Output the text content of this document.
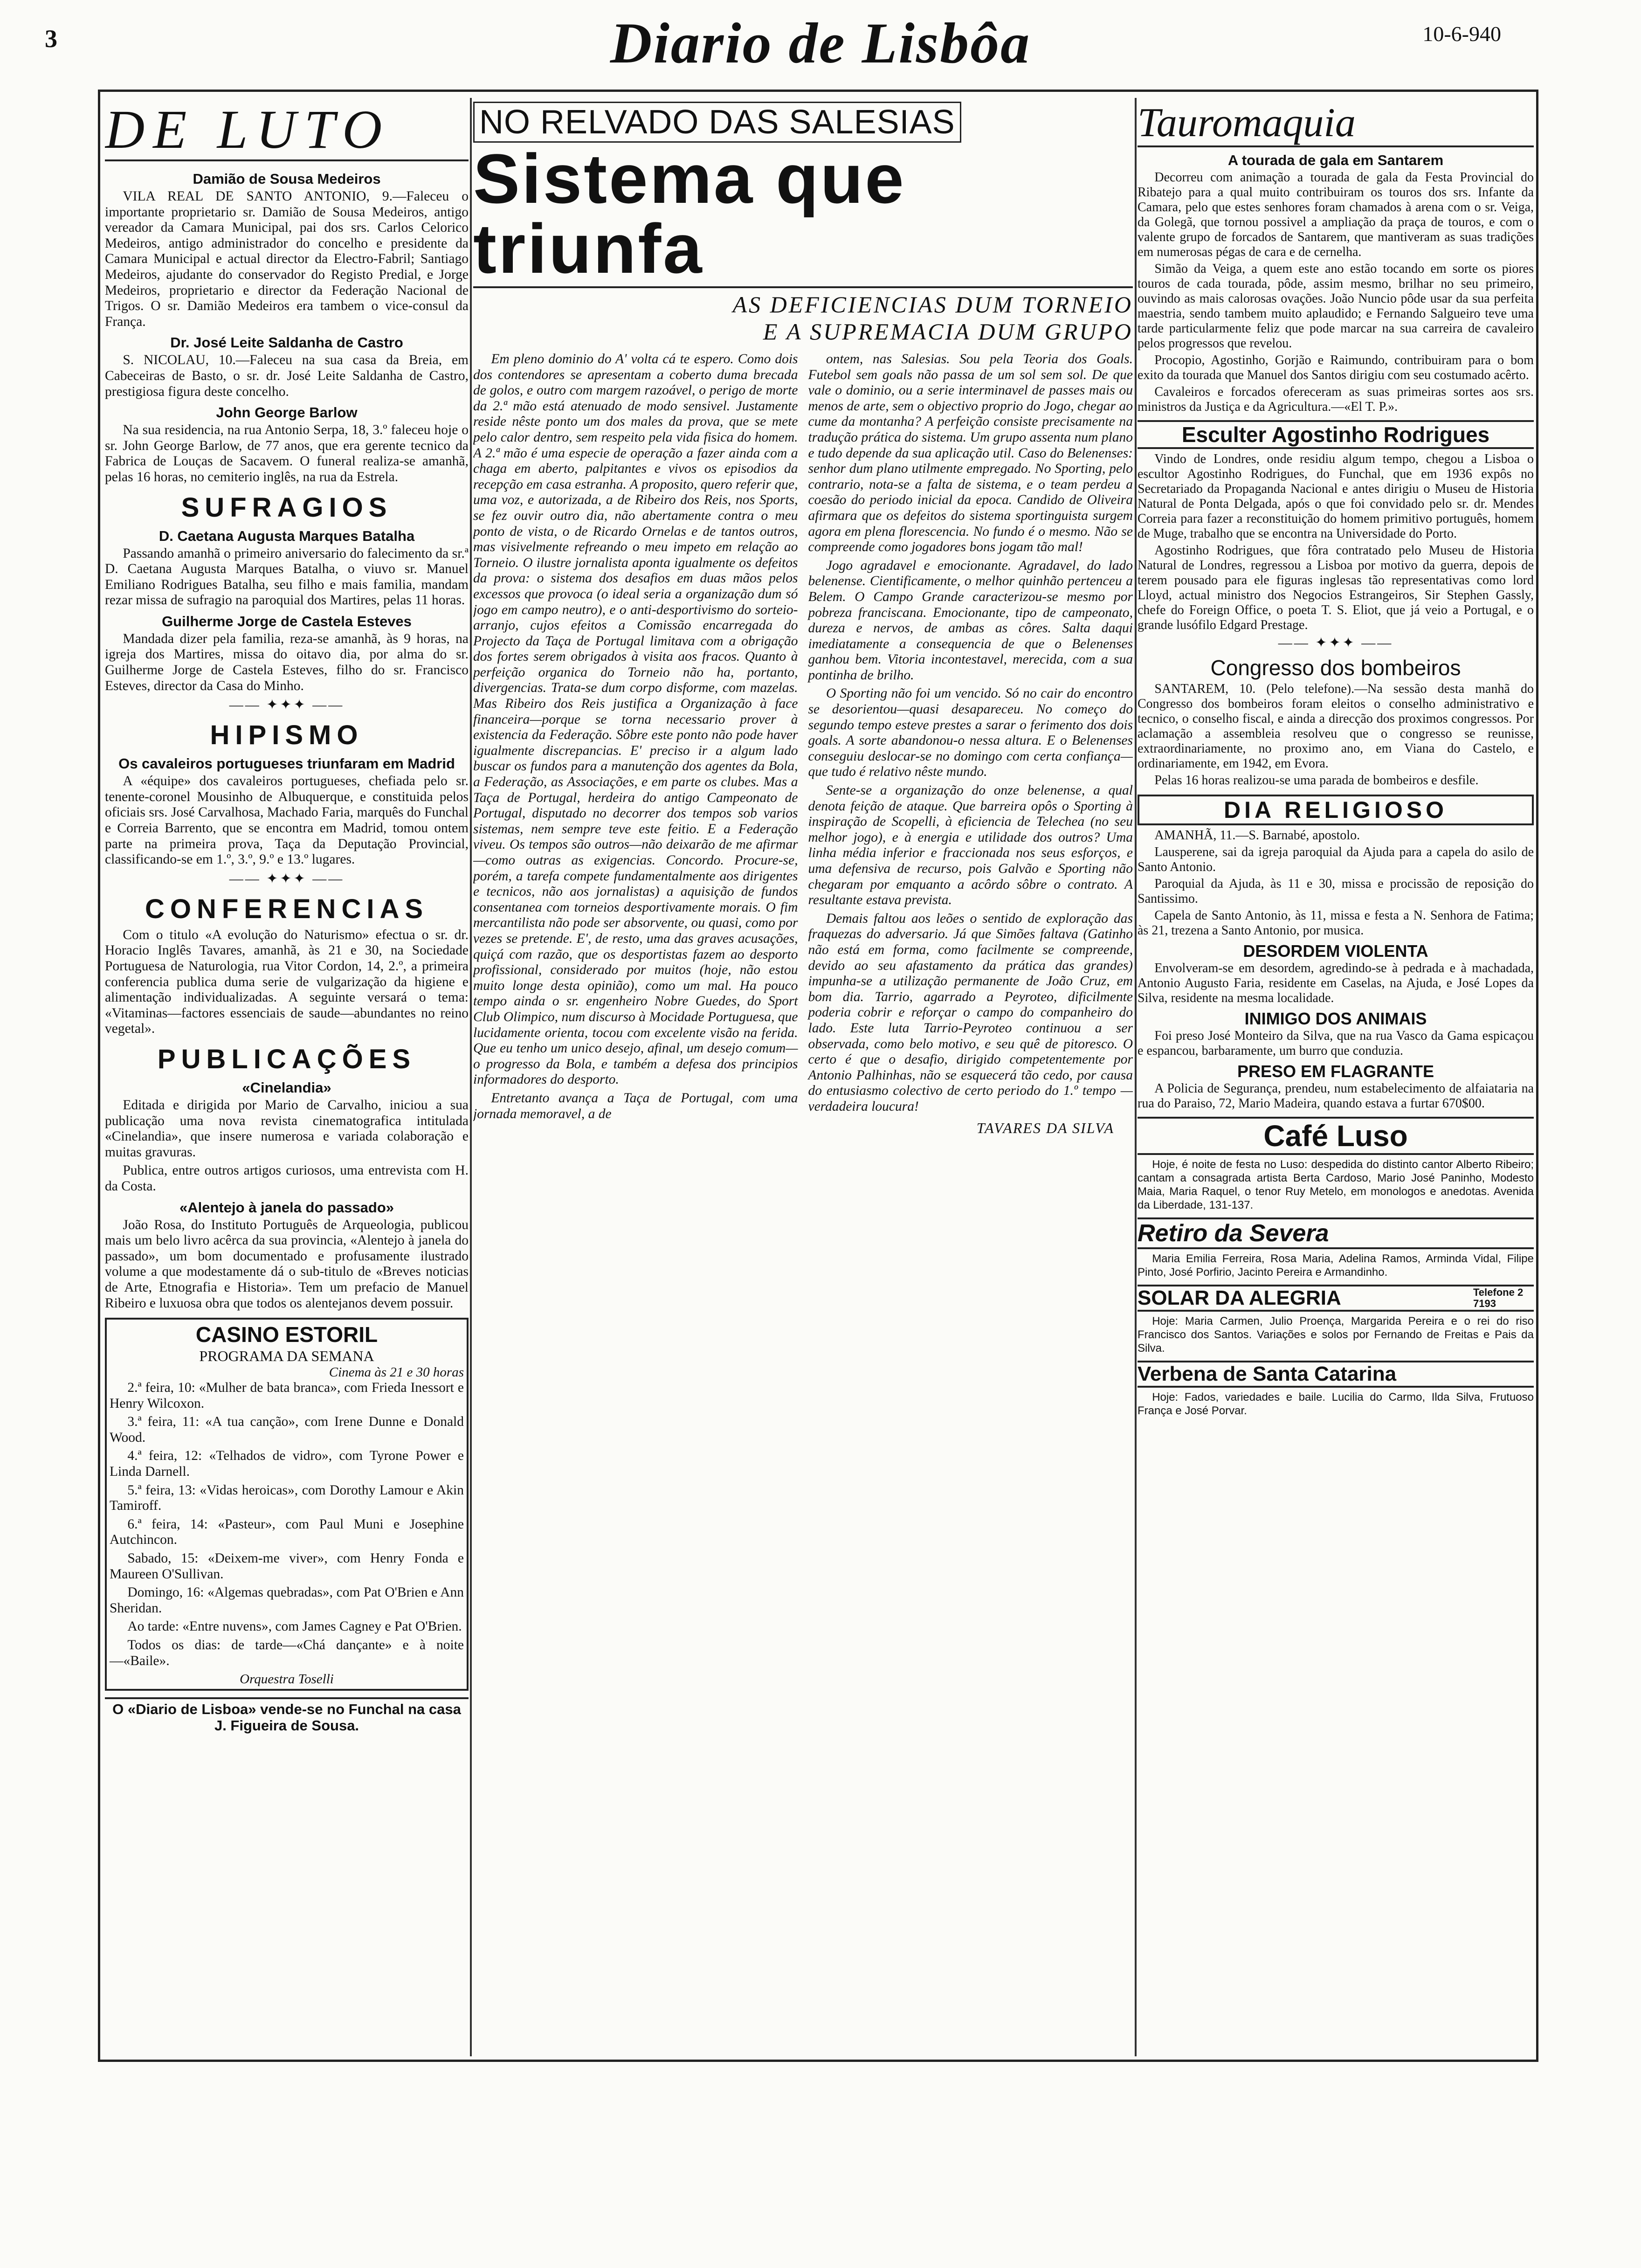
3	Diario de Lisbôa	10-6-940
DE LUTO
Damião de Sousa Medeiros

VILA REAL DE SANTO ANTONIO, 9.—Faleceu o importante proprietario sr. Damião de Sousa Medeiros, antigo vereador da Camara Municipal, pai dos srs. Carlos Celorico Medeiros, antigo administrador do concelho e presidente da Camara Municipal e actual director da Electro-Fabril; Santiago Medeiros, ajudante do conservador do Registo Predial, e Jorge Medeiros, proprietario e director da Federação Nacional de Trigos. O sr. Damião Medeiros era tambem o vice-consul da França.

Dr. José Leite Saldanha de Castro

S. NICOLAU, 10.—Faleceu na sua casa da Breia, em Cabeceiras de Basto, o sr. dr. José Leite Saldanha de Castro, prestigiosa figura deste concelho.

John George Barlow

Na sua residencia, na rua Antonio Serpa, 18, 3.º faleceu hoje o sr. John George Barlow, de 77 anos, que era gerente tecnico da Fabrica de Louças de Sacavem. O funeral realiza-se amanhã, pelas 16 horas, no cemiterio inglês, na rua da Estrela.

SUFRAGIOS
D. Caetana Augusta Marques Batalha

Passando amanhã o primeiro aniversario do falecimento da sr.ª D. Caetana Augusta Marques Batalha, o viuvo sr. Manuel Emiliano Rodrigues Batalha, seu filho e mais familia, mandam rezar missa de sufragio na paroquial dos Martires, pelas 11 horas.

Guilherme Jorge de Castela Esteves

Mandada dizer pela familia, reza-se amanhã, às 9 horas, na igreja dos Martires, missa do oitavo dia, por alma do sr. Guilherme Jorge de Castela Esteves, filho do sr. Francisco Esteves, director da Casa do Minho.

—— ✦✦✦ ——
HIPISMO
Os cavaleiros portugueses triunfaram em Madrid

A «équipe» dos cavaleiros portugueses, chefiada pelo sr. tenente-coronel Mousinho de Albuquerque, e constituida pelos oficiais srs. José Carvalhosa, Machado Faria, marquês do Funchal e Correia Barrento, que se encontra em Madrid, tomou ontem parte na primeira prova, Taça da Deputação Provincial, classificando-se em 1.º, 3.º, 9.º e 13.º lugares.

—— ✦✦✦ ——
CONFERENCIAS

Com o titulo «A evolução do Naturismo» efectua o sr. dr. Horacio Inglês Tavares, amanhã, às 21 e 30, na Sociedade Portuguesa de Naturologia, rua Vitor Cordon, 14, 2.º, a primeira conferencia publica duma serie de vulgarização da higiene e alimentação individualizadas. A seguinte versará o tema: «Vitaminas—factores essenciais de saude—abundantes no reino vegetal».

PUBLICAÇÕES
«Cinelandia»

Editada e dirigida por Mario de Carvalho, iniciou a sua publicação uma nova revista cinematografica intitulada «Cinelandia», que insere numerosa e variada colaboração e muitas gravuras.

Publica, entre outros artigos curiosos, uma entrevista com H. da Costa.

«Alentejo à janela do passado»

João Rosa, do Instituto Português de Arqueologia, publicou mais um belo livro acêrca da sua provincia, «Alentejo à janela do passado», um bom documentado e profusamente ilustrado volume a que modestamente dá o sub-titulo de «Breves noticias de Arte, Etnografia e Historia». Tem um prefacio de Manuel Ribeiro e luxuosa obra que todos os alentejanos devem possuir.

CASINO ESTORIL
PROGRAMA DA SEMANA
Cinema às 21 e 30 horas

2.ª feira, 10: «Mulher de bata branca», com Frieda Inessort e Henry Wilcoxon.

3.ª feira, 11: «A tua canção», com Irene Dunne e Donald Wood.

4.ª feira, 12: «Telhados de vidro», com Tyrone Power e Linda Darnell.

5.ª feira, 13: «Vidas heroicas», com Dorothy Lamour e Akin Tamiroff.

6.ª feira, 14: «Pasteur», com Paul Muni e Josephine Autchincon.

Sabado, 15: «Deixem-me viver», com Henry Fonda e Maureen O'Sullivan.

Domingo, 16: «Algemas quebradas», com Pat O'Brien e Ann Sheridan.

Ao tarde: «Entre nuvens», com James Cagney e Pat O'Brien.

Todos os dias: de tarde—«Chá dançante» e à noite—«Baile».

Orquestra Toselli
O «Diario de Lisboa» vende-se no Funchal na casa J. Figueira de Sousa.
NO RELVADO DAS SALESIAS
Sistema que triunfa
AS DEFICIENCIAS DUM TORNEIO
E A SUPREMACIA DUM GRUPO

Em pleno dominio do A' volta cá te espero. Como dois dos contendores se apresentam a coberto duma brecada de golos, e outro com margem razoável, o perigo de morte da 2.ª mão está atenuado de modo sensivel. Justamente reside nêste ponto um dos males da prova, que se mete pelo calor dentro, sem respeito pela vida fisica do homem. A 2.ª mão é uma especie de operação a fazer ainda com a chaga em aberto, palpitantes e vivos os episodios da recepção em casa estranha. A proposito, quero referir que, uma voz, e autorizada, a de Ribeiro dos Reis, nos Sports, se fez ouvir outro dia, não abertamente contra o meu ponto de vista, o de Ricardo Ornelas e de tantos outros, mas visivelmente refreando o meu impeto em relação ao Torneio. O ilustre jornalista aponta igualmente os defeitos da prova: o sistema dos desafios em duas mãos pelos excessos que provoca (o ideal seria a organização dum só jogo em campo neutro), e o anti-desportivismo do sorteio-arranjo, cujos efeitos a Comissão encarregada do Projecto da Taça de Portugal limitava com a obrigação dos fortes serem obrigados à visita aos fracos. Quanto à perfeição organica do Torneio não ha, portanto, divergencias. Trata-se dum corpo disforme, com mazelas. Mas Ribeiro dos Reis justifica a Organização à face financeira—porque se torna necessario prover à existencia da Federação. Sôbre este ponto não pode haver igualmente discrepancias. E' preciso ir a algum lado buscar os fundos para a manutenção dos agentes da Bola, a Federação, as Associações, e em parte os clubes. Mas a Taça de Portugal, herdeira do antigo Campeonato de Portugal, disputado no decorrer dos tempos sob varios sistemas, nem sempre teve este feitio. E a Federação viveu. Os tempos são outros—não deixarão de me afirmar—como outras as exigencias. Concordo. Procure-se, porém, a tarefa compete fundamentalmente aos dirigentes e tecnicos, não aos jornalistas) a aquisição de fundos consentanea com torneios desportivamente morais. O fim mercantilista não pode ser absorvente, ou quasi, como por vezes se pretende. E', de resto, uma das graves acusações, quiçá com razão, que os desportistas fazem ao desporto profissional, considerado por muitos (hoje, não estou muito longe desta opinião), como um mal. Ha pouco tempo ainda o sr. engenheiro Nobre Guedes, do Sport Club Olimpico, num discurso à Mocidade Portuguesa, que lucidamente orienta, tocou com excelente visão na ferida. Que eu tenho um unico desejo, afinal, um desejo comum—o progresso da Bola, e também a defesa dos principios informadores do desporto.

Entretanto avança a Taça de Portugal, com uma jornada memoravel, a de

ontem, nas Salesias. Sou pela Teoria dos Goals. Futebol sem goals não passa de um sol sem sol. De que vale o dominio, ou a serie interminavel de passes mais ou menos de arte, sem o objectivo proprio do Jogo, chegar ao cume da montanha? A perfeição consiste precisamente na tradução prática do sistema. Um grupo assenta num plano e tudo depende da sua aplicação util. Caso do Belenenses: senhor dum plano utilmente empregado. No Sporting, pelo contrario, nota-se a falta de sistema, e o team perdeu a coesão do periodo inicial da epoca. Candido de Oliveira afirmara que os defeitos do sistema sportinguista surgem agora em plena florescencia. No fundo é o mesmo. Não se compreende como jogadores bons jogam tão mal!

Jogo agradavel e emocionante. Agradavel, do lado belenense. Cientificamente, o melhor quinhão pertenceu a Belem. O Campo Grande caracterizou-se mesmo por pobreza franciscana. Emocionante, tipo de campeonato, dureza e nervos, de ambas as côres. Salta daqui imediatamente a consequencia de que o Belenenses ganhou bem. Vitoria incontestavel, merecida, com a sua pontinha de brilho.

O Sporting não foi um vencido. Só no cair do encontro se desorientou—quasi desapareceu. No começo do segundo tempo esteve prestes a sarar o ferimento dos dois goals. A sorte abandonou-o nessa altura. E o Belenenses conseguiu deslocar-se no domingo com certa confiança—que tudo é relativo nêste mundo.

Sente-se a organização do onze belenense, a qual denota feição de ataque. Que barreira opôs o Sporting à inspiração de Scopelli, à eficiencia de Telechea (no seu melhor jogo), e à energia e utilidade dos outros? Uma linha média inferior e fraccionada nos seus esforços, e uma defensiva de recurso, pois Galvão e Sporting não chegaram por emquanto a acôrdo sôbre o contrato. A resultante estava prevista.

Demais faltou aos leões o sentido de exploração das fraquezas do adversario. Já que Simões faltava (Gatinho não está em forma, como facilmente se compreende, devido ao seu afastamento da prática das grandes) impunha-se a utilização permanente de João Cruz, em bom dia. Tarrio, agarrado a Peyroteo, dificilmente poderia cobrir e reforçar o campo do companheiro do lado. Este luta Tarrio-Peyroteo continuou a ser observada, como belo motivo, e seu quê de pitoresco. O certo é que o desafio, dirigido competentemente por Antonio Palhinhas, não se esquecerá tão cedo, por causa do entusiasmo colectivo de certo periodo do 1.º tempo — verdadeira loucura!

TAVARES DA SILVA
Tauromaquia
A tourada de gala em Santarem

Decorreu com animação a tourada de gala da Festa Provincial do Ribatejo para a qual muito contribuiram os touros dos srs. Infante da Camara, pelo que estes senhores foram chamados à arena com o sr. Veiga, da Golegã, que tornou possivel a ampliação da praça de touros, e com o valente grupo de forcados de Santarem, que mantiveram as suas tradições em numerosas pégas de cara e de cernelha.

Simão da Veiga, a quem este ano estão tocando em sorte os piores touros de cada tourada, pôde, assim mesmo, brilhar no seu primeiro, ouvindo as mais calorosas ovações. João Nuncio pôde usar da sua perfeita maestria, sendo tambem muito aplaudido; e Fernando Salgueiro teve uma tarde particularmente feliz que pode marcar na sua carreira de cavaleiro pelos progressos que revelou.

Procopio, Agostinho, Gorjão e Raimundo, contribuiram para o bom exito da tourada que Manuel dos Santos dirigiu com seu costumado acêrto.

Cavaleiros e forcados ofereceram as suas primeiras sortes aos srs. ministros da Justiça e da Agricultura.—«El T. P.».

Esculter Agostinho Rodrigues

Vindo de Londres, onde residiu algum tempo, chegou a Lisboa o escultor Agostinho Rodrigues, do Funchal, que em 1936 expôs no Secretariado da Propaganda Nacional e antes dirigiu o Museu de Historia Natural de Ponta Delgada, após o que foi convidado pelo sr. dr. Mendes Correia para fazer a reconstituição do homem primitivo português, homem de Muge, trabalho que se encontra na Universidade do Porto.

Agostinho Rodrigues, que fôra contratado pelo Museu de Historia Natural de Londres, regressou a Lisboa por motivo da guerra, depois de terem pousado para ele figuras inglesas tão representativas como lord Lloyd, actual ministro dos Negocios Estrangeiros, Sir Stephen Gassly, chefe do Foreign Office, o poeta T. S. Eliot, que já veio a Portugal, e o grande lusófilo Edgard Prestage.

—— ✦✦✦ ——
Congresso dos bombeiros

SANTAREM, 10. (Pelo telefone).—Na sessão desta manhã do Congresso dos bombeiros foram eleitos o conselho administrativo e tecnico, o conselho fiscal, e ainda a direcção dos proximos congressos. Por aclamação a assembleia resolveu que o congresso se reunisse, extraordinariamente, no proximo ano, em Viana do Castelo, e ordinariamente, em 1942, em Evora.

Pelas 16 horas realizou-se uma parada de bombeiros e desfile.

DIA RELIGIOSO

AMANHÃ, 11.—S. Barnabé, apostolo.

Lausperene, sai da igreja paroquial da Ajuda para a capela do asilo de Santo Antonio.

Paroquial da Ajuda, às 11 e 30, missa e procissão de reposição do Santissimo.

Capela de Santo Antonio, às 11, missa e festa a N. Senhora de Fatima; às 21, trezena a Santo Antonio, por musica.

DESORDEM VIOLENTA

Envolveram-se em desordem, agredindo-se à pedrada e à machadada, Antonio Augusto Faria, residente em Caselas, na Ajuda, e José Lopes da Silva, residente na mesma localidade.

INIMIGO DOS ANIMAIS

Foi preso José Monteiro da Silva, que na rua Vasco da Gama espicaçou e espancou, barbaramente, um burro que conduzia.

PRESO EM FLAGRANTE

A Policia de Segurança, prendeu, num estabelecimento de alfaiataria na rua do Paraiso, 72, Mario Madeira, quando estava a furtar 670$00.

Café Luso

Hoje, é noite de festa no Luso: despedida do distinto cantor Alberto Ribeiro; cantam a consagrada artista Berta Cardoso, Mario José Paninho, Modesto Maia, Maria Raquel, o tenor Ruy Metelo, em monologos e anedotas. Avenida da Liberdade, 131-137.

Retiro da Severa

Maria Emilia Ferreira, Rosa Maria, Adelina Ramos, Arminda Vidal, Filipe Pinto, José Porfirio, Jacinto Pereira e Armandinho.

SOLAR DA ALEGRIA	Telefone 2 7193

Hoje: Maria Carmen, Julio Proença, Margarida Pereira e o rei do riso Francisco dos Santos. Variações e solos por Fernando de Freitas e Pais da Silva.

Verbena de Santa Catarina

Hoje: Fados, variedades e baile. Lucilia do Carmo, Ilda Silva, Frutuoso França e José Porvar.
